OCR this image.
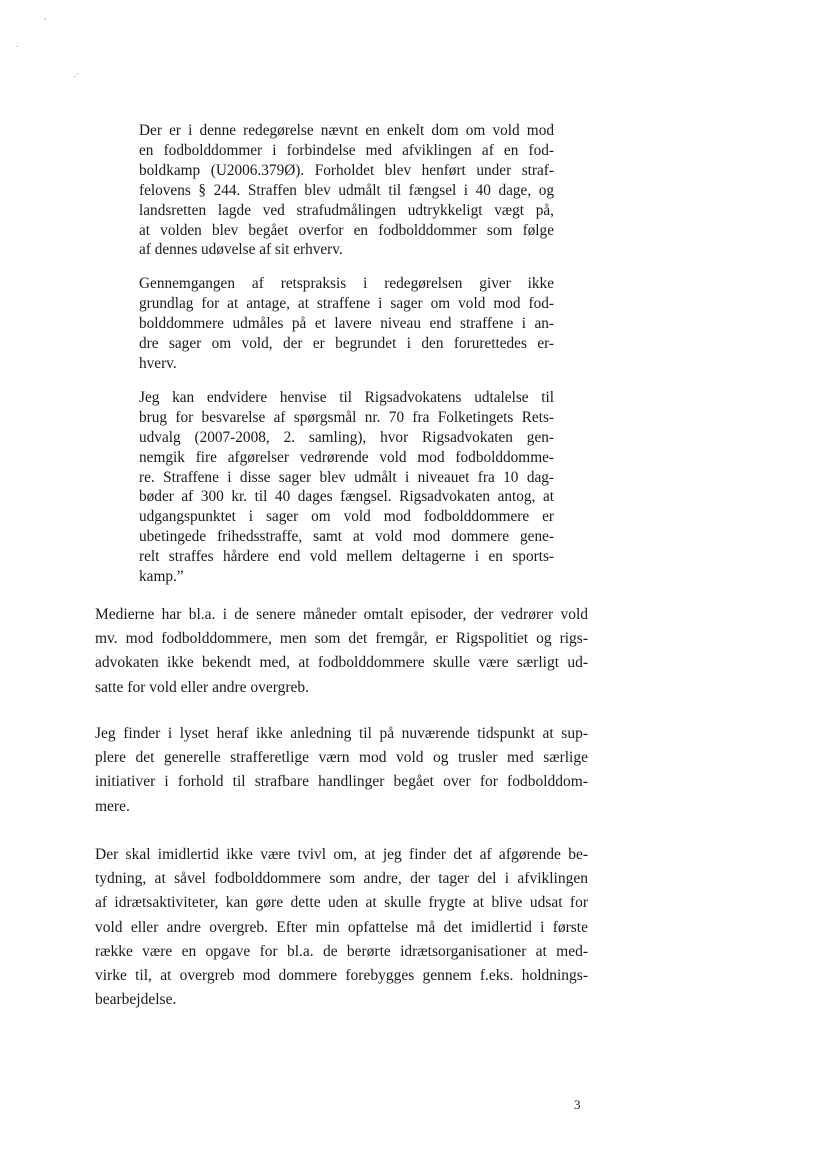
,
.
.·

Der er i denne redegørelse nævnt en enkelt dom om vold mod
en fodbolddommer i forbindelse med afviklingen af en fod-
boldkamp (U2006.379Ø). Forholdet blev henført under straf-
felovens § 244. Straffen blev udmålt til fængsel i 40 dage, og
landsretten lagde ved strafudmålingen udtrykkeligt vægt på,
at volden blev begået overfor en fodbolddommer som følge
af dennes udøvelse af sit erhverv.

Gennemgangen af retspraksis i redegørelsen giver ikke
grundlag for at antage, at straffene i sager om vold mod fod-
bolddommere udmåles på et lavere niveau end straffene i an-
dre sager om vold, der er begrundet i den forurettedes er-
hverv.

Jeg kan endvidere henvise til Rigsadvokatens udtalelse til
brug for besvarelse af spørgsmål nr. 70 fra Folketingets Rets-
udvalg (2007-2008, 2. samling), hvor Rigsadvokaten gen-
nemgik fire afgørelser vedrørende vold mod fodbolddomme-
re. Straffene i disse sager blev udmålt i niveauet fra 10 dag-
bøder af 300 kr. til 40 dages fængsel. Rigsadvokaten antog, at
udgangspunktet i sager om vold mod fodbolddommere er
ubetingede frihedsstraffe, samt at vold mod dommere gene-
relt straffes hårdere end vold mellem deltagerne i en sports-
kamp.”

Medierne har bl.a. i de senere måneder omtalt episoder, der vedrører vold
mv. mod fodbolddommere, men som det fremgår, er Rigspolitiet og rigs-
advokaten ikke bekendt med, at fodbolddommere skulle være særligt ud-
satte for vold eller andre overgreb.
Jeg finder i lyset heraf ikke anledning til på nuværende tidspunkt at sup-
plere det generelle strafferetlige værn mod vold og trusler med særlige
initiativer i forhold til strafbare handlinger begået over for fodbolddom-
mere.
Der skal imidlertid ikke være tvivl om, at jeg finder det af afgørende be-
tydning, at såvel fodbolddommere som andre, der tager del i afviklingen
af idrætsaktiviteter, kan gøre dette uden at skulle frygte at blive udsat for
vold eller andre overgreb. Efter min opfattelse må det imidlertid i første
række være en opgave for bl.a. de berørte idrætsorganisationer at med-
virke til, at overgreb mod dommere forebygges gennem f.eks. holdnings-
bearbejdelse.
3
